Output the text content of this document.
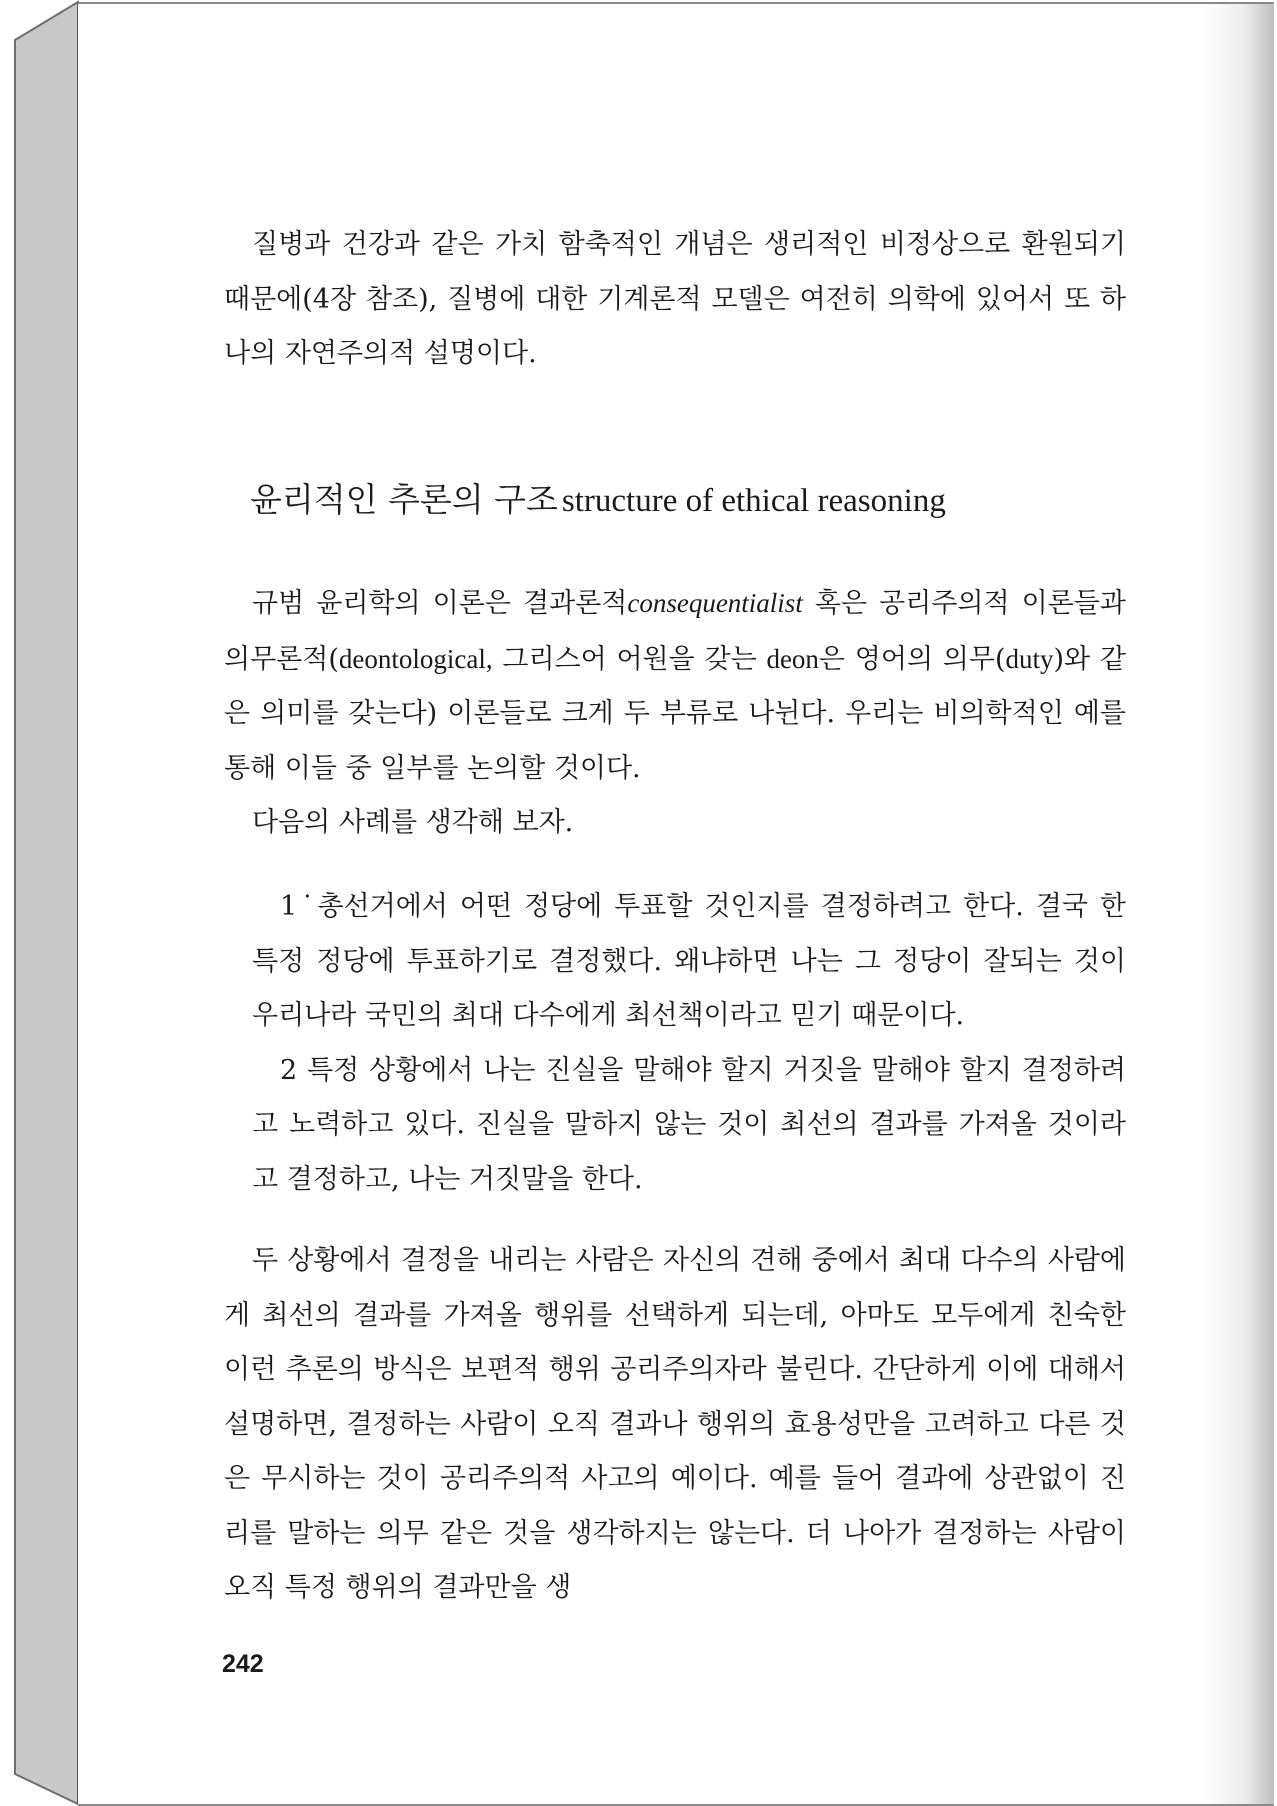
질병과 건강과 같은 가치 함축적인 개념은 생리적인 비정상으로 환원되기 때문에(4장 참조), 질병에 대한 기계론적 모델은 여전히 의학에 있어서 또 하나의 자연주의적 설명이다.

윤리적인 추론의 구조 structure of ethical reasoning

규범 윤리학의 이론은 결과론적consequentialist 혹은 공리주의적 이론들과 의무론적(deontological, 그리스어 어원을 갖는 deon은 영어의 의무(duty)와 같은 의미를 갖는다) 이론들로 크게 두 부류로 나뉜다. 우리는 비의학적인 예를 통해 이들 중 일부를 논의할 것이다.

다음의 사례를 생각해 보자.

1˙총선거에서 어떤 정당에 투표할 것인지를 결정하려고 한다. 결국 한 특정 정당에 투표하기로 결정했다. 왜냐하면 나는 그 정당이 잘되는 것이 우리나라 국민의 최대 다수에게 최선책이라고 믿기 때문이다.

2 특정 상황에서 나는 진실을 말해야 할지 거짓을 말해야 할지 결정하려고 노력하고 있다. 진실을 말하지 않는 것이 최선의 결과를 가져올 것이라고 결정하고, 나는 거짓말을 한다.

두 상황에서 결정을 내리는 사람은 자신의 견해 중에서 최대 다수의 사람에게 최선의 결과를 가져올 행위를 선택하게 되는데, 아마도 모두에게 친숙한 이런 추론의 방식은 보편적 행위 공리주의자라 불린다. 간단하게 이에 대해서 설명하면, 결정하는 사람이 오직 결과나 행위의 효용성만을 고려하고 다른 것은 무시하는 것이 공리주의적 사고의 예이다. 예를 들어 결과에 상관없이 진리를 말하는 의무 같은 것을 생각하지는 않는다. 더 나아가 결정하는 사람이 오직 특정 행위의 결과만을 생

242
